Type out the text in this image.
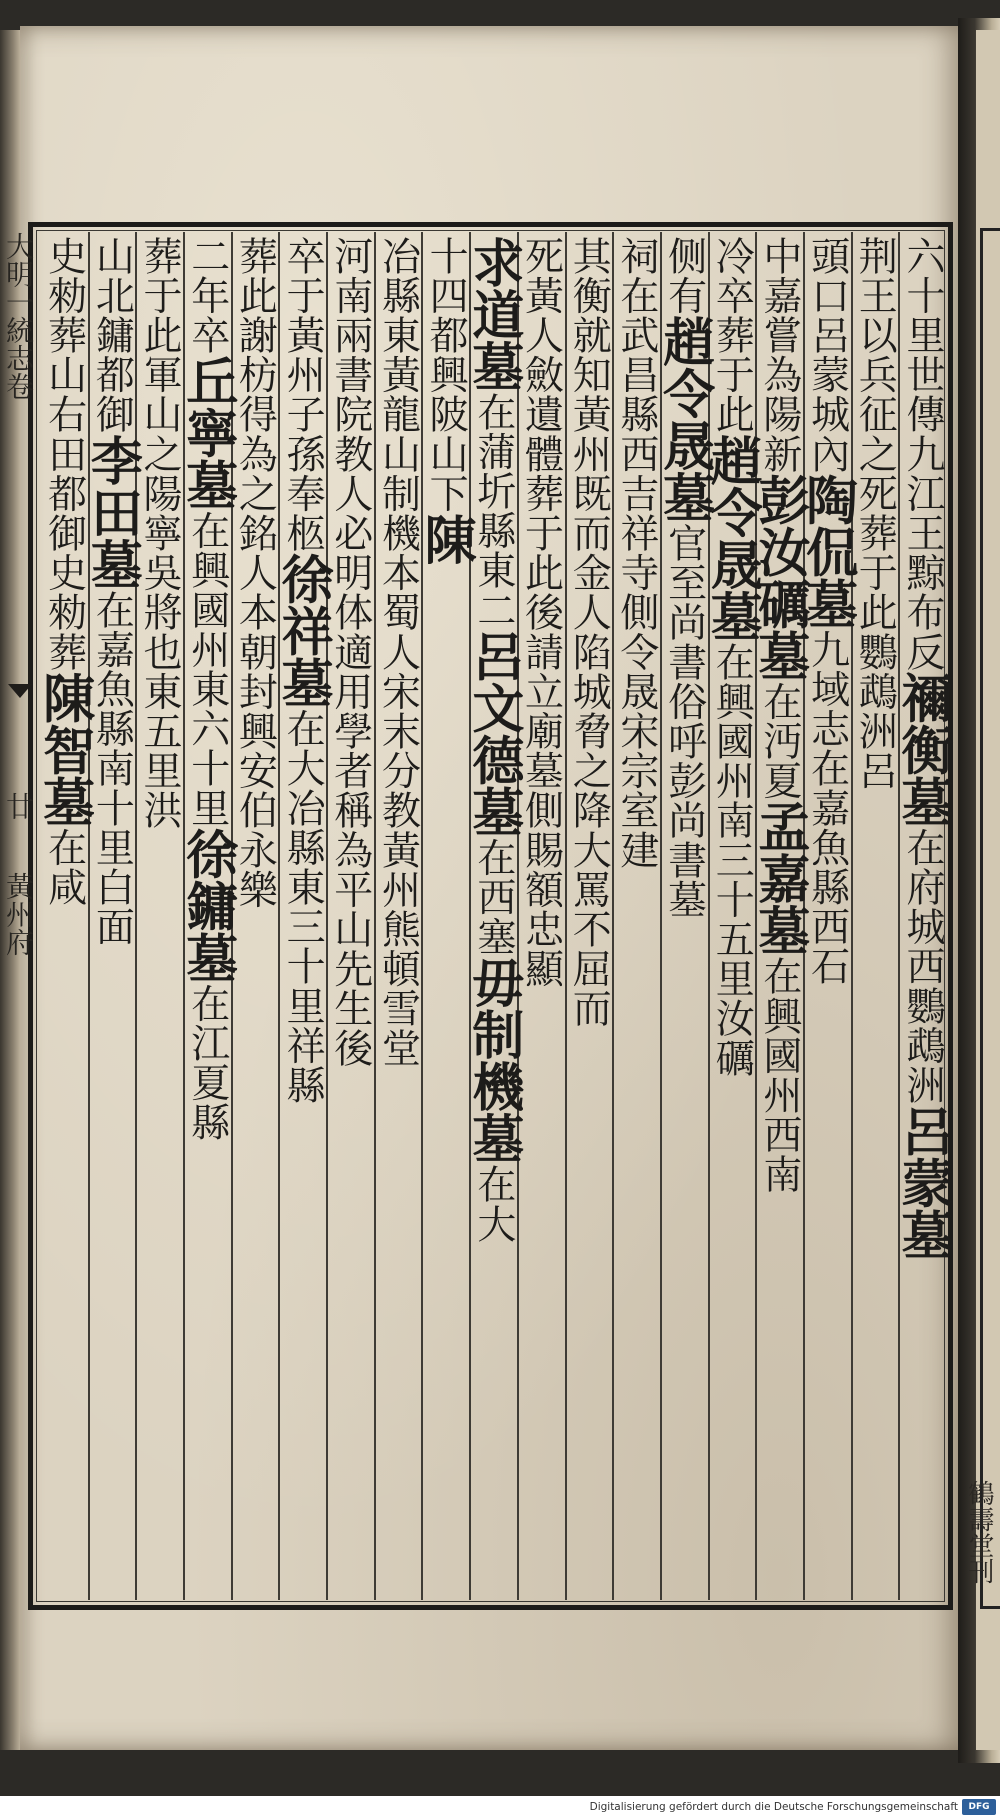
大明一統志卷
廿
黃州府
六十里世傳九江王黥布反禰衡墓在府城西鸚鵡洲呂蒙墓
荆王以兵征之死葬于此鸚鵡洲呂
頭口呂蒙城內陶侃墓九域志在嘉魚縣西石
中嘉嘗為陽新彭汝礪墓在沔夏孟嘉墓在興國州西南
冷卒葬于此趙令晟墓在興國州南三十五里汝礪
侧有趙令晟墓官至尚書俗呼彭尚書墓
祠在武昌縣西吉祥寺側令晟宋宗室建
其衡就知黃州既而金人陷城脅之降大罵不屈而
死黃人斂遺體葬于此後請立廟墓側賜額忠顯
求道墓在蒲圻縣東二呂文德墓在西塞毋制機墓在大
十四都興陂山下陳
冶縣東黃龍山制機本蜀人宋末分教黃州熊頓雪堂
河南兩書院教人必明体適用學者稱為平山先生後
卒于黃州子孫奉柩徐祥墓在大冶縣東三十里祥縣
葬此謝枋得為之銘人本朝封興安伯永樂
二年卒丘寧墓在興國州東六十里徐鏞墓在江夏縣
葬于此軍山之陽寧吳將也東五里洪
山北鏞都御李田墓在嘉魚縣南十里白面
史勑葬山右田都御史勑葬陳智墓在咸
鶴壽堂刊
Digitalisierung gefördert durch die Deutsche Forschungsgemeinschaft	DFG
